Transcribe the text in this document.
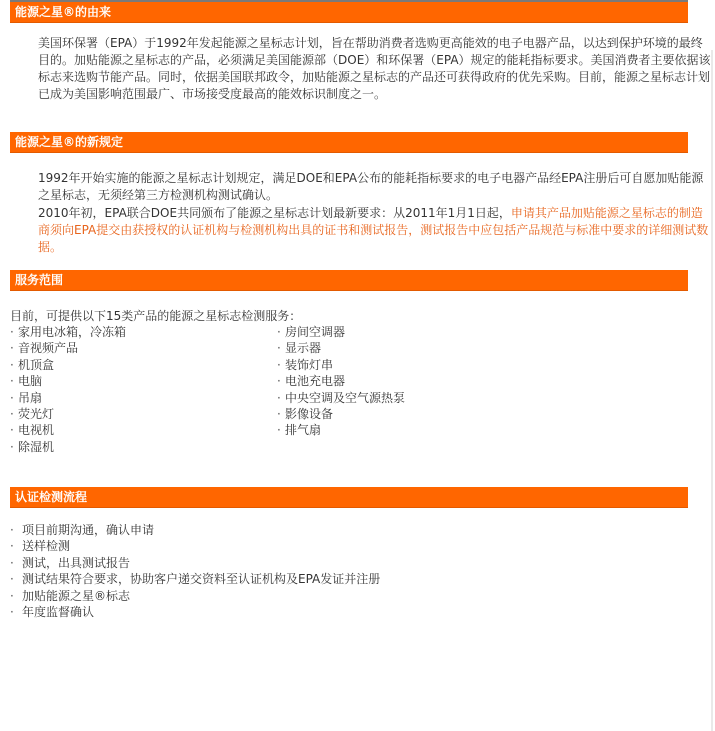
能源之星®的由来

美国环保署（EPA）于1992年发起能源之星标志计划，旨在帮助消费者选购更高能效的电子电器产品，以达到保护环境的最终目的。加贴能源之星标志的产品，必须满足美国能源部（DOE）和环保署（EPA）规定的能耗指标要求。美国消费者主要依据该标志来选购节能产品。同时，依据美国联邦政令，加贴能源之星标志的产品还可获得政府的优先采购。目前，能源之星标志计划已成为美国影响范围最广、市场接受度最高的能效标识制度之一。

能源之星®的新规定

1992年开始实施的能源之星标志计划规定，满足DOE和EPA公布的能耗指标要求的电子电器产品经EPA注册后可自愿加贴能源之星标志，无须经第三方检测机构测试确认。

2010年初，EPA联合DOE共同颁布了能源之星标志计划最新要求：从2011年1月1日起，申请其产品加贴能源之星标志的制造商须向EPA提交由获授权的认证机构与检测机构出具的证书和测试报告，测试报告中应包括产品规范与标准中要求的详细测试数据。

服务范围
目前，可提供以下15类产品的能源之星标志检测服务：
· 家用电冰箱，冷冻箱
· 音视频产品
· 机顶盒
· 电脑
· 吊扇
· 荧光灯
· 电视机
· 除湿机
· 房间空调器
· 显示器
· 装饰灯串
· 电池充电器
· 中央空调及空气源热泵
· 影像设备
· 排气扇
认证检测流程
· 项目前期沟通，确认申请
· 送样检测
· 测试，出具测试报告
· 测试结果符合要求，协助客户递交资料至认证机构及EPA发证并注册
· 加贴能源之星®标志
· 年度监督确认
